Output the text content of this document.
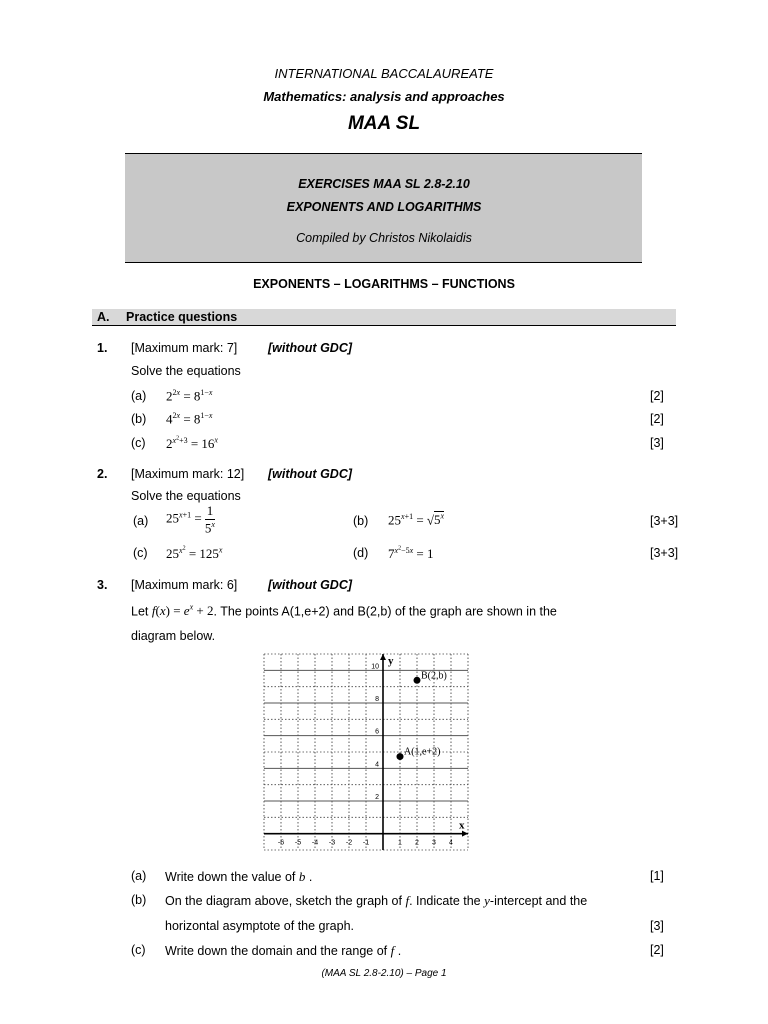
INTERNATIONAL BACCALAUREATE
Mathematics: analysis and approaches
MAA SL
EXERCISES MAA SL 2.8-2.10
EXPONENTS AND LOGARITHMS
Compiled by Christos Nikolaidis
EXPONENTS – LOGARITHMS – FUNCTIONS
A. Practice questions
1. [Maximum mark: 7] [without GDC]
Solve the equations
(a) $2^{2x} = 8^{1-x}$	[2]
(b) $4^{2x} = 8^{1-x}$	[2]
(c) $2^{x^2+3} = 16^x$	[3]
2. [Maximum mark: 12] [without GDC]
Solve the equations
(a) $25^{x+1} = \frac{1}{5^x}$	(b) $25^{x+1} = √5^x$	[3+3]
(c) $25^{x^2} = 125^x$	(d) $7^{x^2-5x} = 1$	[3+3]
3. [Maximum mark: 6] [without GDC]
Let $f(x) = e^x + 2$. The points A(1,e+2) and B(2,b) of the graph are shown in the
diagram below.
x
y
-6 -5 -4 -3 -2 -1	1 2 3 4
2
4
6
8
10
A(1,e+2)
B(2,b)
(a) Write down the value of b .	[1]
(b) On the diagram above, sketch the graph of f. Indicate the y-intercept and the
horizontal asymptote of the graph.	[3]
(c) Write down the domain and the range of f .	[2]
(MAA SL 2.8-2.10) – Page 1
